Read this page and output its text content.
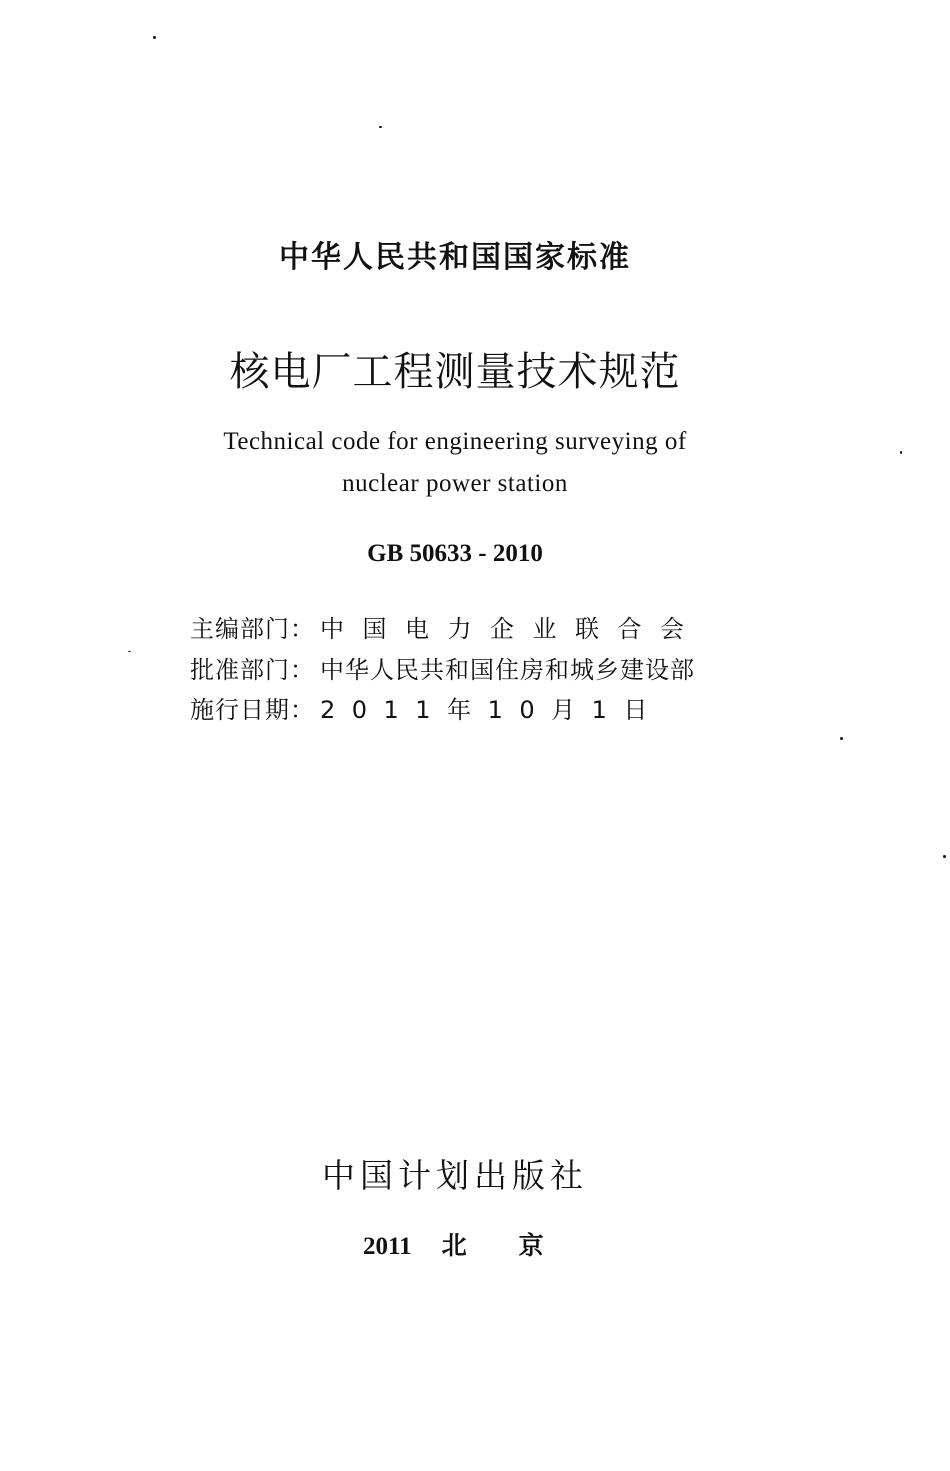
中华人民共和国国家标准
核电厂工程测量技术规范
Technical code for engineering surveying of
nuclear power station
GB 50633 - 2010
主编部门： 中国电力企业联合会
批准部门： 中华人民共和国住房和城乡建设部
施行日期： 2011年10月1日
中国计划出版社
2011 北京
